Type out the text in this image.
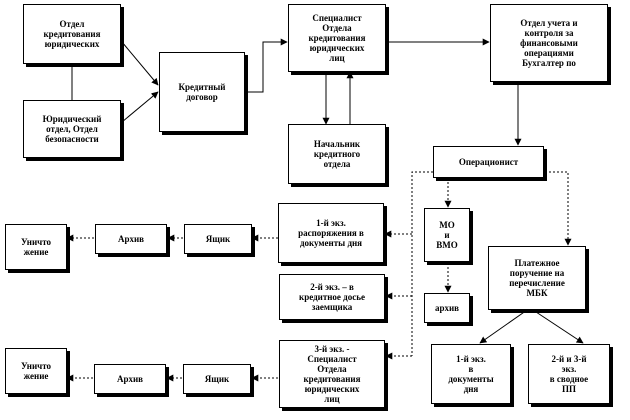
Отдел
кредитования
юридических
Юридический
отдел, Отдел
безопасности
Кредитный
договор
Специалист
Отдела
кредитования
юридических
лиц
Начальник
кредитного
отдела
Отдел учета и
контроля за
финансовыми
операциями
Бухгалтер по
Операционист
МО
и
ВМО
Платежное
поручение на
перечисление
МБК
архив
1-й экз.
в
документы
дня
2-й и 3-й
экз.
в сводное
ПП
1-й экз.
распоряжения в
документы дня
2-й экз. – в
кредитное досье
заемщика
3-й экз. -
Специалист
Отдела
кредитования
юридических
лиц
Ящик
Архив
Уничто
жение
Ящик
Архив
Уничто
жение
